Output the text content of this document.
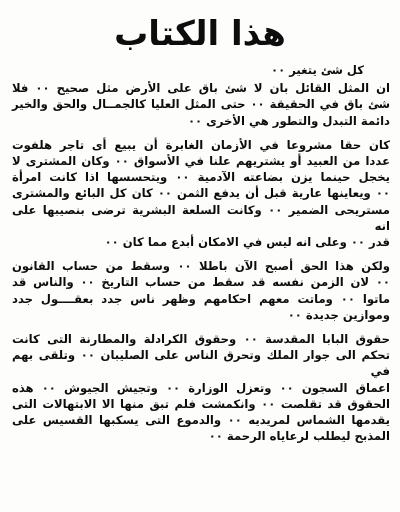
هذا الكتاب
كل شئ يتغير ٠٠
ان المثل القائل بان لا شئ باق على الأرض مثل صحيح ٠٠ فلا
شئ باق في الحقيقة ٠٠ حتى المثل العليا كالجمــال والحق والخير
دائمة التبدل والتطور هي الأخرى ٠٠
كان حقا مشروعا في الأزمان الغابرة أن يبيع أى تاجر هلفوت
عددا من العبيد أو يشتريهم علنا في الأسواق ٠٠ وكان المشترى لا
يخجل حينما يزن بضاعته الآدمية ٠٠ ويتحسسها اذا كانت امرأة
٠٠ ويعاينها عارية قبل أن يدفع الثمن ٠٠ كان كل البائع والمشترى
مستريحى الضمير ٠٠ وكانت السلعة البشرية ترضى بنصيبها على انه
قدر ٠٠ وعلى انه ليس في الامكان أبدع مما كان ٠٠
ولكن هذا الحق أصبح الآن باطلا ٠٠ وسقط من حساب القانون
٠٠ لان الزمن نفسه قد سقط من حساب التاريخ ٠٠ والناس قد
ماتوا ٠٠ وماتت معهم احكامهم وظهر ناس جدد بعقــــول جدد
وموازين جديدة ٠٠
حقوق البابا المقدسة ٠٠ وحقوق الكرادلة والمطارنة التى كانت
تحكم الى جوار الملك وتحرق الناس على الصليبان ٠٠ وتلقى بهم في
اعماق السجون ٠٠ وتعزل الوزارة ٠٠ وتجيش الجيوش ٠٠ هذه
الحقوق قد تقلصت ٠٠ وانكمشت فلم تبق منها الا الابتهالات التى
يقدمها الشماس لمريديه ٠٠ والدموع التى يسكبها القسيس على
المذبح ليطلب لرعاياه الرحمة ٠٠
